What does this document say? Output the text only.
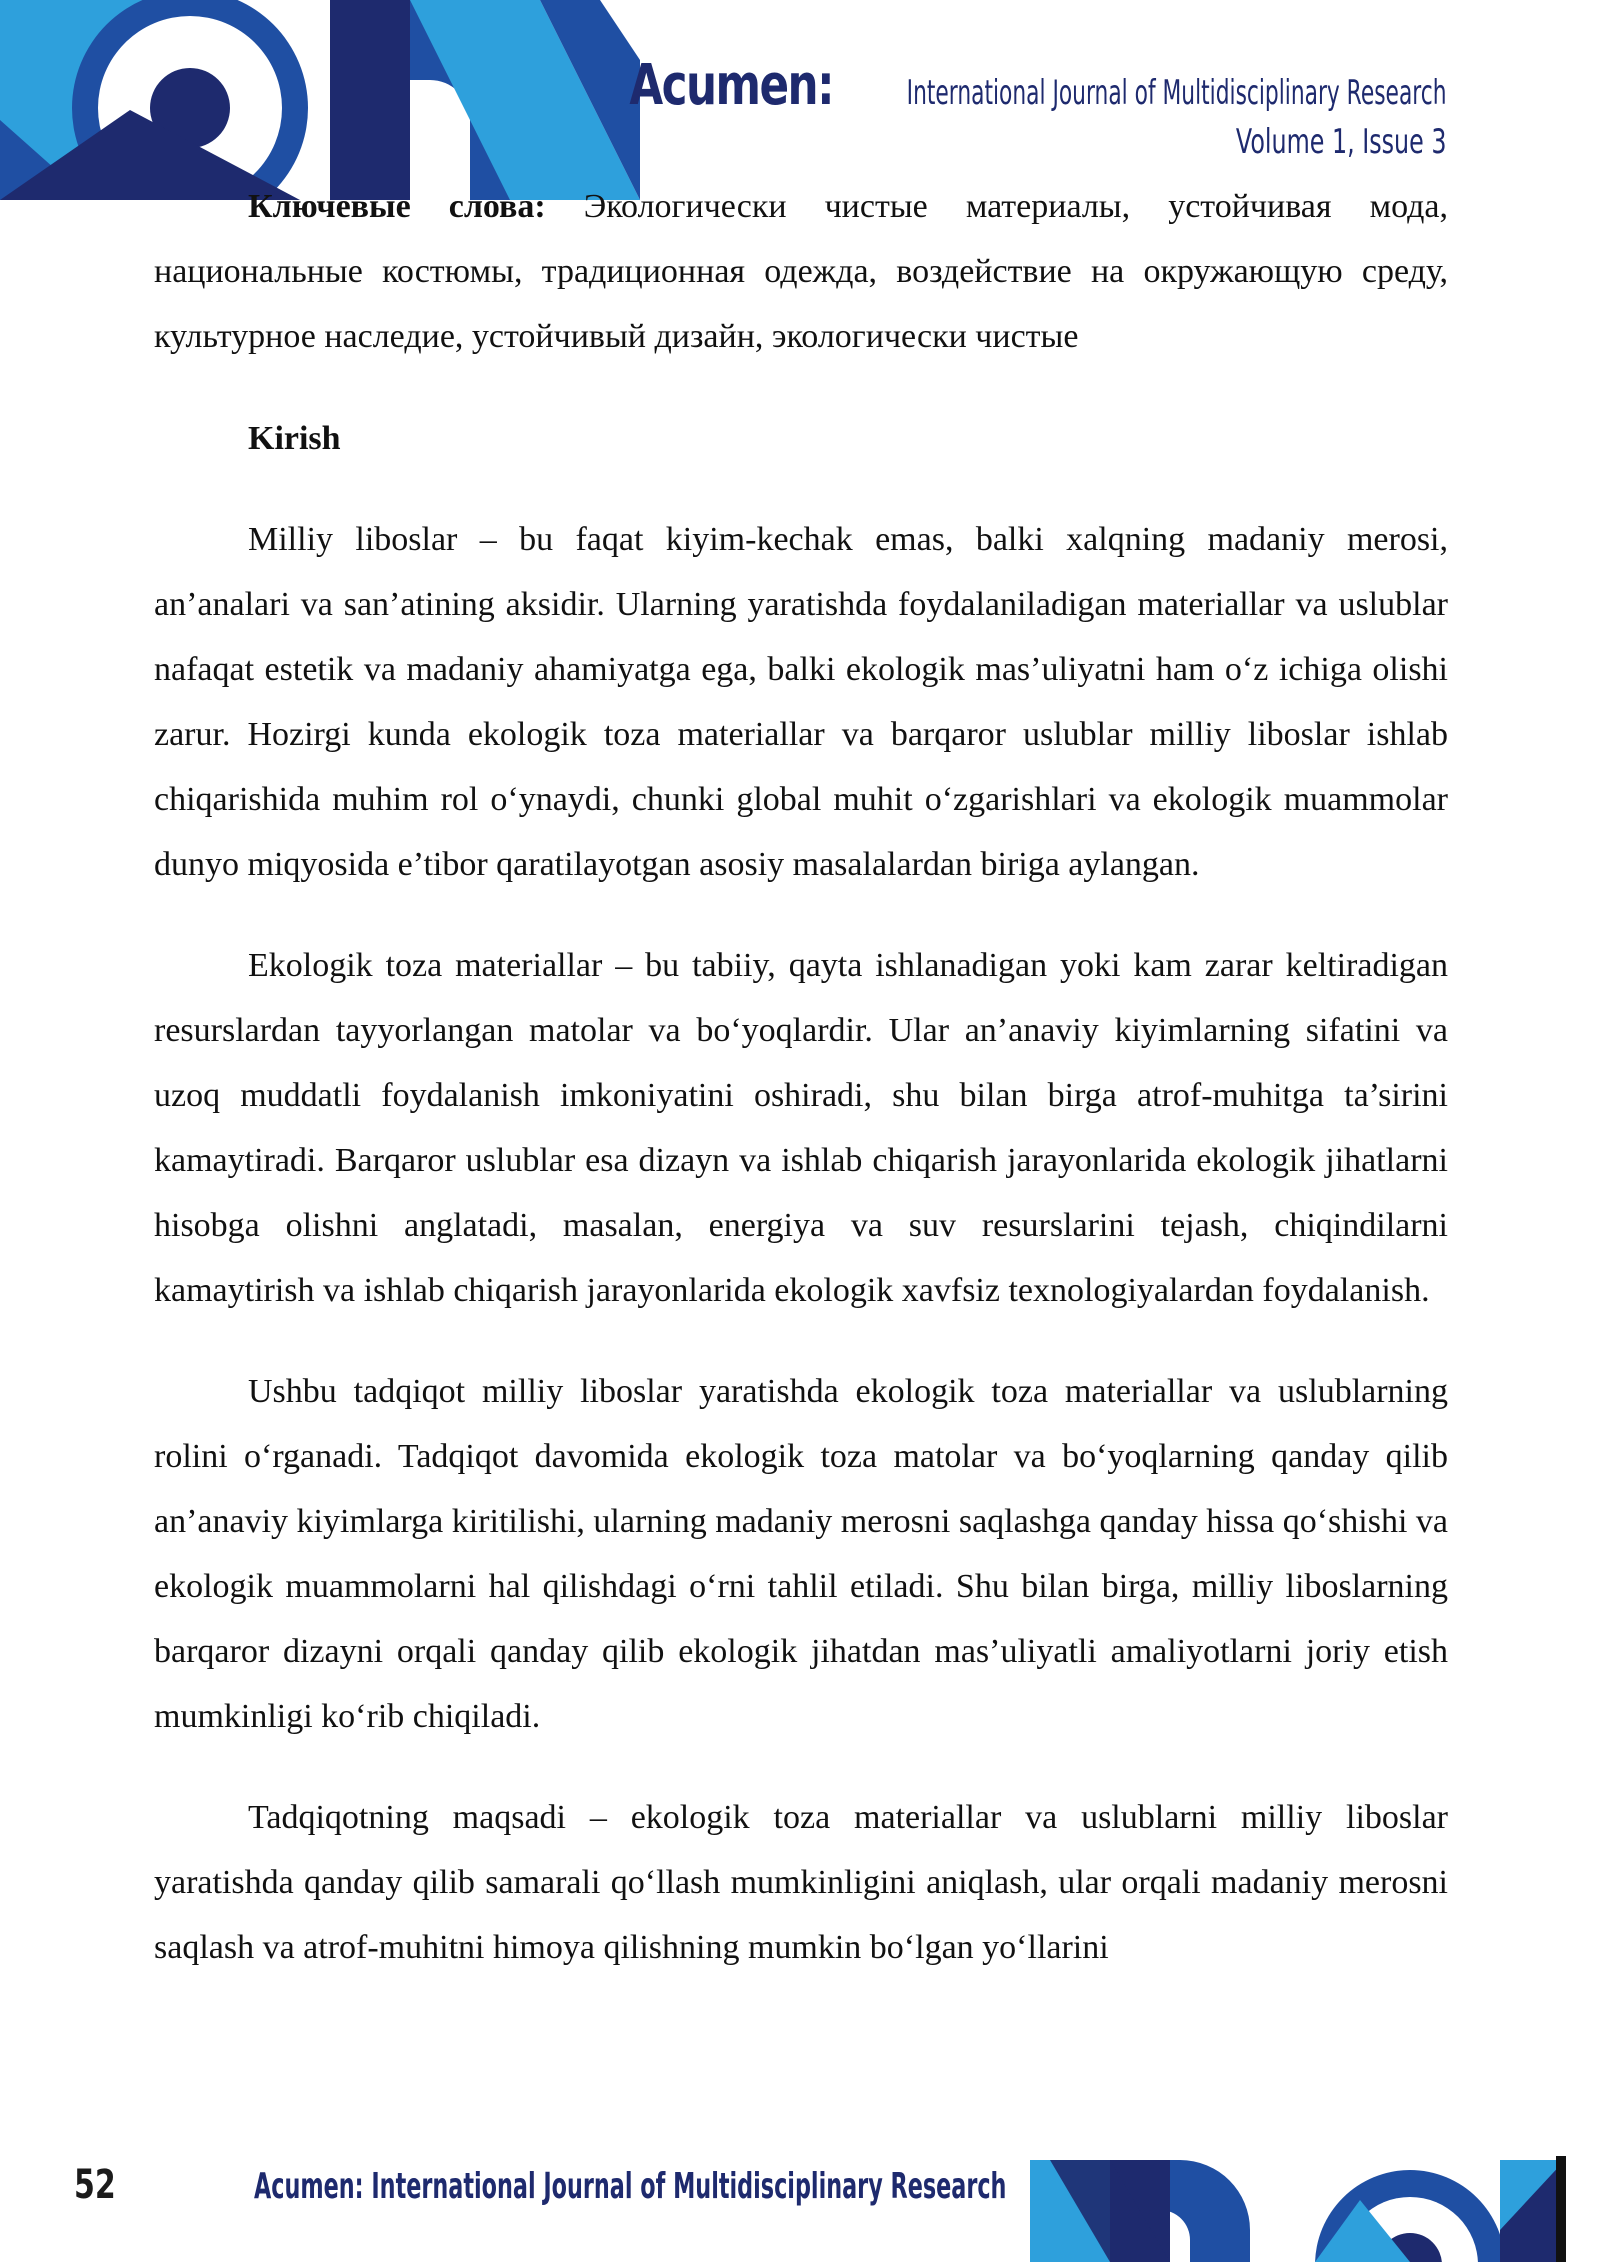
Acumen: International Journal of Multidisciplinary Research
Volume 1, Issue 3

Ключевые слова: Экологически чистые материалы, устойчивая мода, национальные костюмы, традиционная одежда, воздействие на окружающую среду, культурное наследие, устойчивый дизайн, экологически чистые

Kirish

Milliy liboslar – bu faqat kiyim-kechak emas, balki xalqning madaniy merosi, an’analari va san’atining aksidir. Ularning yaratishda foydalaniladigan materiallar va uslublar nafaqat estetik va madaniy ahamiyatga ega, balki ekologik mas’uliyatni ham o‘z ichiga olishi zarur. Hozirgi kunda ekologik toza materiallar va barqaror uslublar milliy liboslar ishlab chiqarishida muhim rol o‘ynaydi, chunki global muhit o‘zgarishlari va ekologik muammolar dunyo miqyosida e’tibor qaratilayotgan asosiy masalalardan biriga aylangan.

Ekologik toza materiallar – bu tabiiy, qayta ishlanadigan yoki kam zarar keltiradigan resurslardan tayyorlangan matolar va bo‘yoqlardir. Ular an’anaviy kiyimlarning sifatini va uzoq muddatli foydalanish imkoniyatini oshiradi, shu bilan birga atrof-muhitga ta’sirini kamaytiradi. Barqaror uslublar esa dizayn va ishlab chiqarish jarayonlarida ekologik jihatlarni hisobga olishni anglatadi, masalan, energiya va suv resurslarini tejash, chiqindilarni kamaytirish va ishlab chiqarish jarayonlarida ekologik xavfsiz texnologiyalardan foydalanish.

Ushbu tadqiqot milliy liboslar yaratishda ekologik toza materiallar va uslublarning rolini o‘rganadi. Tadqiqot davomida ekologik toza matolar va bo‘yoqlarning qanday qilib an’anaviy kiyimlarga kiritilishi, ularning madaniy merosni saqlashga qanday hissa qo‘shishi va ekologik muammolarni hal qilishdagi o‘rni tahlil etiladi. Shu bilan birga, milliy liboslarning barqaror dizayni orqali qanday qilib ekologik jihatdan mas’uliyatli amaliyotlarni joriy etish mumkinligi ko‘rib chiqiladi.

Tadqiqotning maqsadi – ekologik toza materiallar va uslublarni milliy liboslar yaratishda qanday qilib samarali qo‘llash mumkinligini aniqlash, ular orqali madaniy merosni saqlash va atrof-muhitni himoya qilishning mumkin bo‘lgan yo‘llarini

52	Acumen: International Journal of Multidisciplinary Research
